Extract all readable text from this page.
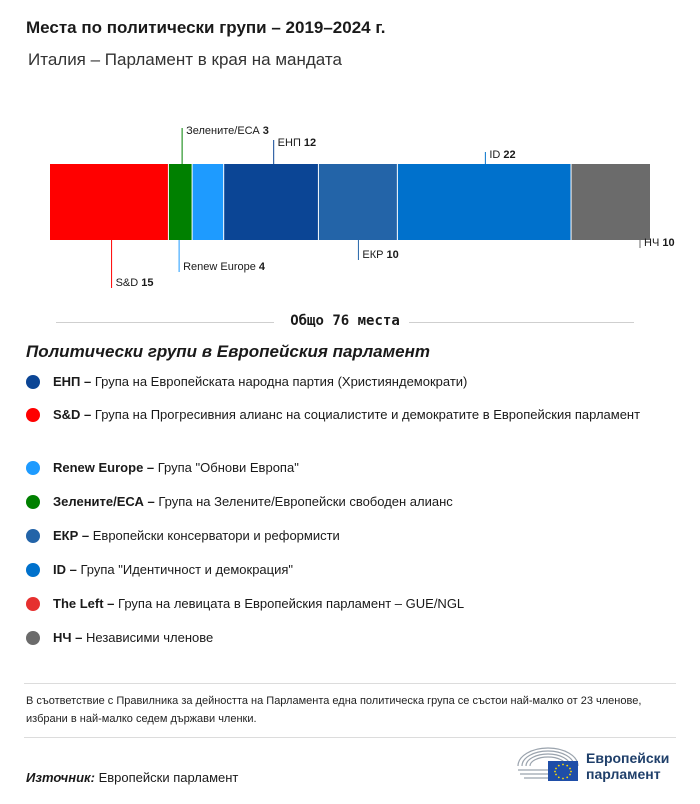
Места по политически групи – 2019–2024 г.
Италия – Парламент в края на мандата
S&D 15
Зелените/ЕСА 3
Renew Europe 4
ЕНП 12
ЕКР 10
ID 22
НЧ 10
Общо 76 места
Политически групи в Европейския парламент
ЕНП – Група на Европейската народна партия (Християндемократи)
S&D – Група на Прогресивния алианс на социалистите и демократите в Европейския парламент
Renew Europe – Група "Обнови Европа"
Зелените/ЕСА – Група на Зелените/Европейски свободен алианс
ЕКР – Европейски консерватори и реформисти
ID – Група "Идентичност и демокрация"
The Left – Група на левицата в Европейския парламент – GUE/NGL
НЧ – Независими членове
В съответствие с Правилника за дейността на Парламента една политическа група се състои най-малко от 23 членове, избрани в най-малко седем държави членки.
Източник: Европейски парламент
Европейски
парламент
